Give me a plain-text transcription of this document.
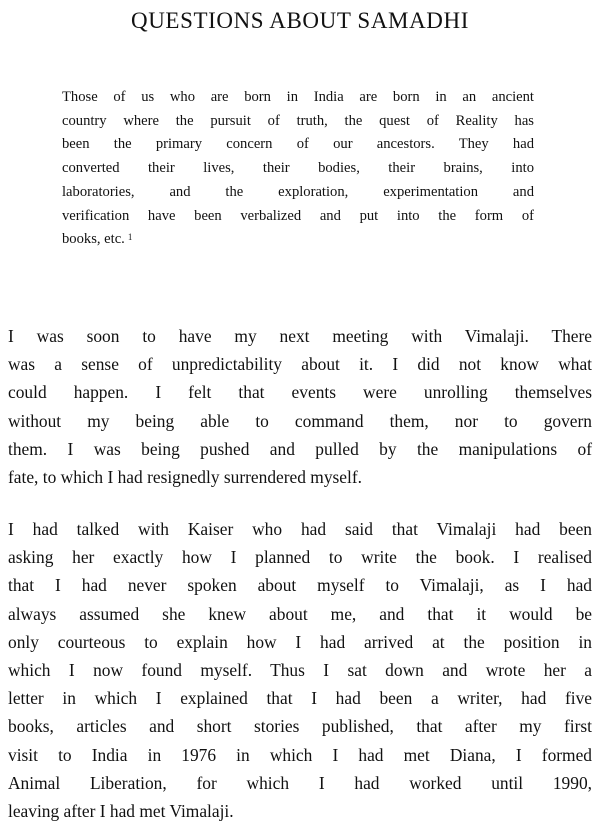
QUESTIONS ABOUT SAMADHI
Those of us who are born in India are born in an ancient
country where the pursuit of truth, the quest of Reality has
been the primary concern of our ancestors. They had
converted their lives, their bodies, their brains, into
laboratories, and the exploration, experimentation and
verification have been verbalized and put into the form of
books, etc. $^1$
I was soon to have my next meeting with Vimalaji. There
was a sense of unpredictability about it. I did not know what
could happen. I felt that events were unrolling themselves
without my being able to command them, nor to govern
them. I was being pushed and pulled by the manipulations of
fate, to which I had resignedly surrendered myself.
I had talked with Kaiser who had said that Vimalaji had been
asking her exactly how I planned to write the book. I realised
that I had never spoken about myself to Vimalaji, as I had
always assumed she knew about me, and that it would be
only courteous to explain how I had arrived at the position in
which I now found myself. Thus I sat down and wrote her a
letter in which I explained that I had been a writer, had five
books, articles and short stories published, that after my first
visit to India in 1976 in which I had met Diana, I formed
Animal Liberation, for which I had worked until 1990,
leaving after I had met Vimalaji.
